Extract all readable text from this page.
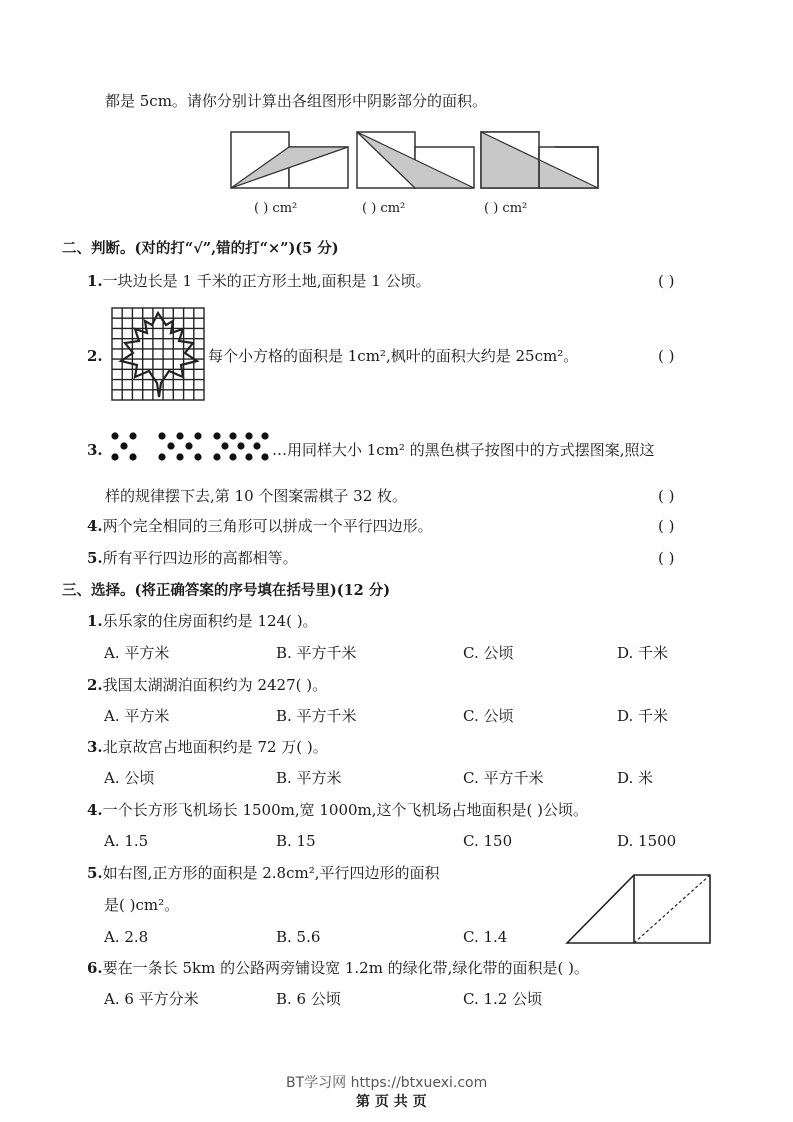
都是 5cm。请你分别计算出各组图形中阴影部分的面积。
( ) cm²	( ) cm²	( ) cm²
二、判断。(对的打“√”,错的打“×”)(5 分)
1.一块边长是 1 千米的正方形土地,面积是 1 公顷。	( )
2.	每个小方格的面积是 1cm²,枫叶的面积大约是 25cm²。	( )
3.	…用同样大小 1cm² 的黑色棋子按图中的方式摆图案,照这
样的规律摆下去,第 10 个图案需棋子 32 枚。	( )
4.两个完全相同的三角形可以拼成一个平行四边形。	( )
5.所有平行四边形的高都相等。	( )
三、选择。(将正确答案的序号填在括号里)(12 分)
1.乐乐家的住房面积约是 124( )。
A. 平方米	B. 平方千米	C. 公顷	D. 千米
2.我国太湖湖泊面积约为 2427( )。
A. 平方米	B. 平方千米	C. 公顷	D. 千米
3.北京故宫占地面积约是 72 万( )。
A. 公顷	B. 平方米	C. 平方千米	D. 米
4.一个长方形飞机场长 1500m,宽 1000m,这个飞机场占地面积是( )公顷。
A. 1.5	B. 15	C. 150	D. 1500
5.如右图,正方形的面积是 2.8cm²,平行四边形的面积
是( )cm²。
A. 2.8	B. 5.6	C. 1.4
6.要在一条长 5km 的公路两旁铺设宽 1.2m 的绿化带,绿化带的面积是( )。
A. 6 平方分米	B. 6 公顷	C. 1.2 公顷
BT学习网 https://btxuexi.com
第 页 共 页
